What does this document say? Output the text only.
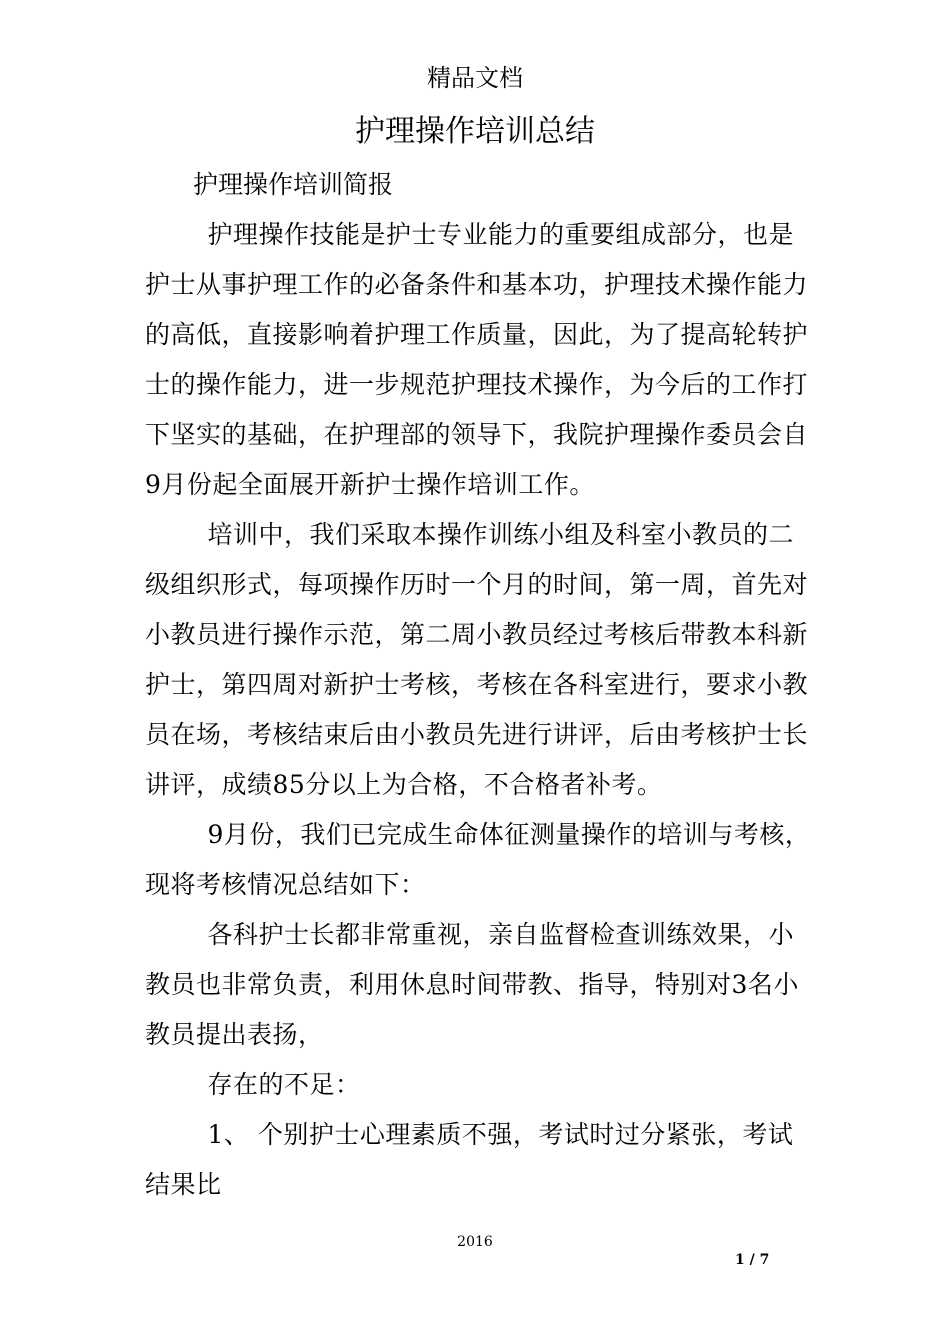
精品文档
护理操作培训总结
护理操作培训简报

护理操作技能是护士专业能力的重要组成部分，也是护士从事护理工作的必备条件和基本功，护理技术操作能力的高低，直接影响着护理工作质量，因此，为了提高轮转护士的操作能力，进一步规范护理技术操作，为今后的工作打下坚实的基础，在护理部的领导下，我院护理操作委员会自9月份起全面展开新护士操作培训工作。

培训中，我们采取本操作训练小组及科室小教员的二级组织形式，每项操作历时一个月的时间，第一周，首先对小教员进行操作示范，第二周小教员经过考核后带教本科新护士，第四周对新护士考核，考核在各科室进行，要求小教员在场，考核结束后由小教员先进行讲评，后由考核护士长讲评，成绩85分以上为合格，不合格者补考。

9月份，我们已完成生命体征测量操作的培训与考核，现将考核情况总结如下：

各科护士长都非常重视，亲自监督检查训练效果，小教员也非常负责，利用休息时间带教、指导，特别对3名小教员提出表扬，

存在的不足：

1、 个别护士心理素质不强，考试时过分紧张，考试结果比

2016
1 / 7
